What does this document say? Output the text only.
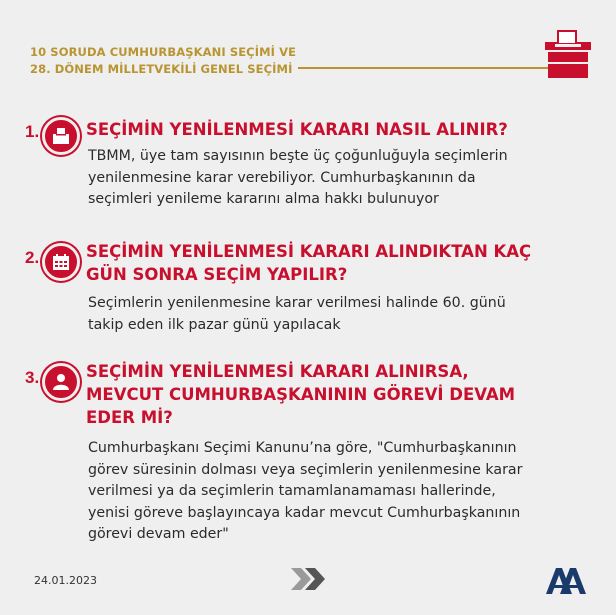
10 SORUDA CUMHURBAŞKANI SEÇİMİ VE
28. DÖNEM MİLLETVEKİLİ GENEL SEÇİMİ
1.	SEÇİMİN YENİLENMESİ KARARI NASIL ALINIR?
TBMM, üye tam sayısının beşte üç çoğunluğuyla seçimlerin
yenilenmesine karar verebiliyor. Cumhurbaşkanının da
seçimleri yenileme kararını alma hakkı bulunuyor
2.	SEÇİMİN YENİLENMESİ KARARI ALINDIKTAN KAÇ
GÜN SONRA SEÇİM YAPILIR?
Seçimlerin yenilenmesine karar verilmesi halinde 60. günü
takip eden ilk pazar günü yapılacak
3.	SEÇİMİN YENİLENMESİ KARARI ALINIRSA,
MEVCUT CUMHURBAŞKANININ GÖREVİ DEVAM
EDER Mİ?
Cumhurbaşkanı Seçimi Kanunu’na göre, "Cumhurbaşkanının
görev süresinin dolması veya seçimlerin yenilenmesine karar
verilmesi ya da seçimlerin tamamlanamaması hallerinde,
yenisi göreve başlayıncaya kadar mevcut Cumhurbaşkanının
görevi devam eder"
24.01.2023
